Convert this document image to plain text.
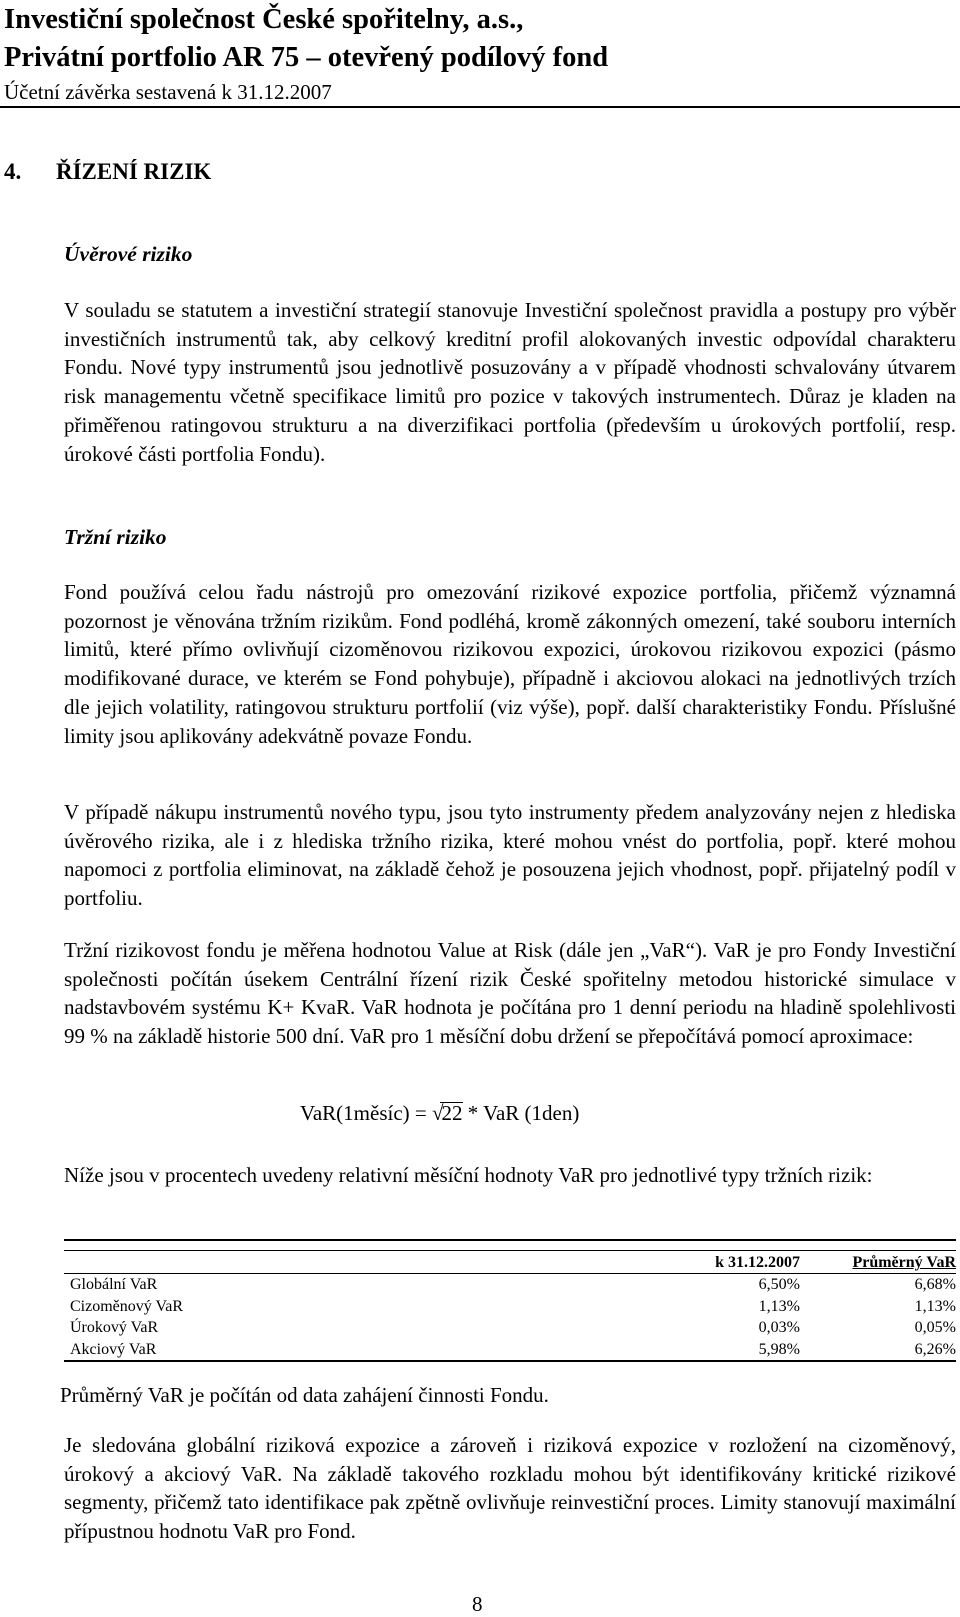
Investiční společnost České spořitelny, a.s.,
Privátní portfolio AR 75 – otevřený podílový fond
Účetní závěrka sestavená k 31.12.2007
4. ŘÍZENÍ RIZIK
Úvěrové riziko

V souladu se statutem a investiční strategií stanovuje Investiční společnost pravidla a postupy pro výběr investičních instrumentů tak, aby celkový kreditní profil alokovaných investic odpovídal charakteru Fondu. Nové typy instrumentů jsou jednotlivě posuzovány a v případě vhodnosti schvalovány útvarem risk managementu včetně specifikace limitů pro pozice v takových instrumentech. Důraz je kladen na přiměřenou ratingovou strukturu a na diverzifikaci portfolia (především u úrokových portfolií, resp. úrokové části portfolia Fondu).

Tržní riziko

Fond používá celou řadu nástrojů pro omezování rizikové expozice portfolia, přičemž významná pozornost je věnována tržním rizikům. Fond podléhá, kromě zákonných omezení, také souboru interních limitů, které přímo ovlivňují cizoměnovou rizikovou expozici, úrokovou rizikovou expozici (pásmo modifikované durace, ve kterém se Fond pohybuje), případně i akciovou alokaci na jednotlivých trzích dle jejich volatility, ratingovou strukturu portfolií (viz výše), popř. další charakteristiky Fondu. Příslušné limity jsou aplikovány adekvátně povaze Fondu.

V případě nákupu instrumentů nového typu, jsou tyto instrumenty předem analyzovány nejen z hlediska úvěrového rizika, ale i z hlediska tržního rizika, které mohou vnést do portfolia, popř. které mohou napomoci z portfolia eliminovat, na základě čehož je posouzena jejich vhodnost, popř. přijatelný podíl v portfoliu.

Tržní rizikovost fondu je měřena hodnotou Value at Risk (dále jen „VaR“). VaR je pro Fondy Investiční společnosti počítán úsekem Centrální řízení rizik České spořitelny metodou historické simulace v nadstavbovém systému K+ KvaR. VaR hodnota je počítána pro 1 denní periodu na hladině spolehlivosti 99 % na základě historie 500 dní. VaR pro 1 měsíční dobu držení se přepočítává pomocí aproximace:

VaR(1měsíc) = √22 * VaR (1den)

Níže jsou v procentech uvedeny relativní měsíční hodnoty VaR pro jednotlivé typy tržních rizik:

	k 31.12.2007	Průměrný VaR
Globální VaR	6,50%	6,68%
Cizoměnový VaR	1,13%	1,13%
Úrokový VaR	0,03%	0,05%
Akciový VaR	5,98%	6,26%

Průměrný VaR je počítán od data zahájení činnosti Fondu.

Je sledována globální riziková expozice a zároveň i riziková expozice v rozložení na cizoměnový, úrokový a akciový VaR. Na základě takového rozkladu mohou být identifikovány kritické rizikové segmenty, přičemž tato identifikace pak zpětně ovlivňuje reinvestiční proces. Limity stanovují maximální přípustnou hodnotu VaR pro Fond.

8
